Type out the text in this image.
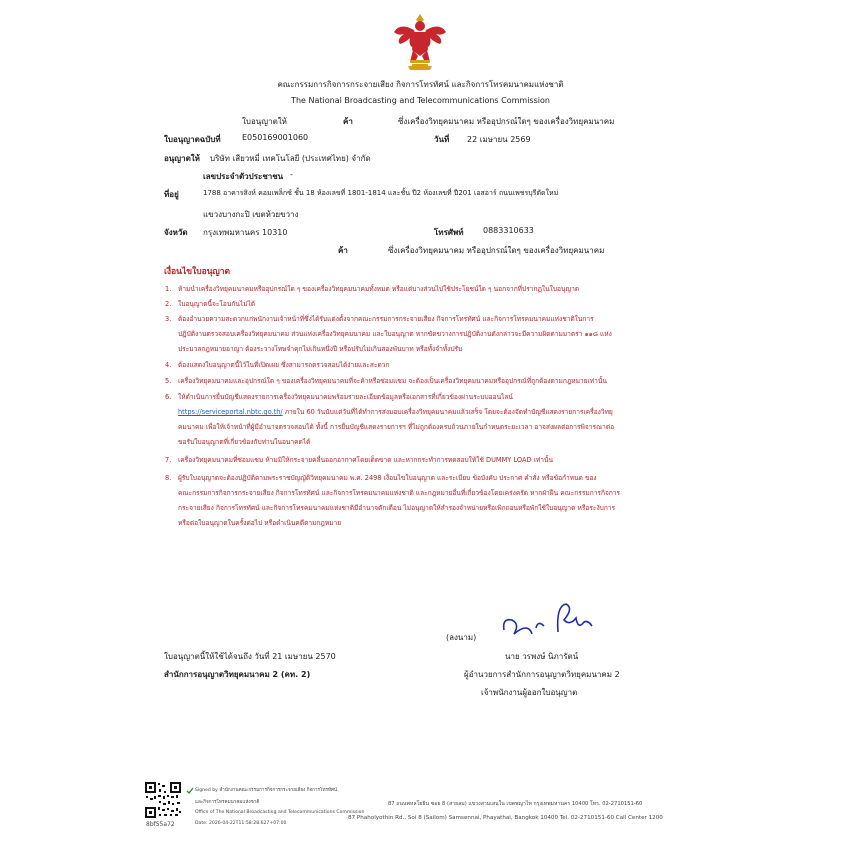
คณะกรรมการกิจการกระจายเสียง กิจการโทรทัศน์ และกิจการโทรคมนาคมแห่งชาติ
The National Broadcasting and Telecommunications Commission
ใบอนุญาตให้	ค้า	ซึ่งเครื่องวิทยุคมนาคม หรืออุปกรณ์ใดๆ ของเครื่องวิทยุคมนาคม
ใบอนุญาตฉบับที่	E050169001060	วันที่ 22 เมษายน 2569
อนุญาตให้ บริษัท เสียวหมี่ เทคโนโลยี (ประเทศไทย) จำกัด
เลขประจำตัวประชาชน -
ที่อยู่	1788 อาคารสิงห์ คอมเพล็กซ์ ชั้น 18 ห้องเลขที่ 1801-1814 และชั้น ปี2 ห้องเลขที่ ปี201 เอสอาร์ ถนนเพชรบุรีตัดใหม่
แขวงบางกะปิ เขตห้วยขวาง
จังหวัด กรุงเทพมหานคร 10310	โทรศัพท์ 0883310633
ค้า	ซึ่งเครื่องวิทยุคมนาคม หรืออุปกรณ์ใดๆ ของเครื่องวิทยุคมนาคม
เงื่อนไขใบอนุญาต
1. ห้ามนำเครื่องวิทยุคมนาคมหรืออุปกรณ์ใด ๆ ของเครื่องวิทยุคมนาคมทั้งหมด หรือแต่บางส่วนไปใช้ประโยชน์ใด ๆ นอกจากที่ปรากฏในใบอนุญาต
2. ใบอนุญาตนี้จะโอนกันไม่ได้
3. ต้องอำนวยความสะดวกแก่พนักงานเจ้าหน้าที่ซึ่งได้รับแต่งตั้งจากคณะกรรมการกระจายเสียง กิจการโทรทัศน์ และกิจการโทรคมนาคมแห่งชาติในการ
ปฏิบัติงานตรวจสอบเครื่องวิทยุคมนาคม ส่วนแห่งเครื่องวิทยุคมนาคม และใบอนุญาต หากขัดขวางการปฏิบัติงานดังกล่าวจะมีความผิดตามมาตรา ๑๑๘ แห่ง
ประมวลกฎหมายอาญา ต้องระวางโทษจำคุกไม่เกินหนึ่งปี หรือปรับไม่เกินสองพันบาท หรือทั้งจำทั้งปรับ
4. ต้องแสดงใบอนุญาตนี้ไว้ในที่เปิดเผย ซึ่งสามารถตรวจสอบได้ง่ายและสะดวก
5. เครื่องวิทยุคมนาคมและอุปกรณ์ใด ๆ ของเครื่องวิทยุคมนาคมที่จะค้าหรือซ่อมแซม จะต้องเป็นเครื่องวิทยุคมนาคมหรืออุปกรณ์ที่ถูกต้องตามกฎหมายเท่านั้น
6. ให้ดำเนินการยื่นบัญชีแสดงรายการเครื่องวิทยุคมนาคมพร้อมรายละเอียดข้อมูลหรือเอกสารที่เกี่ยวข้องผ่านระบบออนไลน์
https://serviceportal.nbtc.go.th/ ภายใน 60 วันนับแต่วันที่ได้ทำการส่งมอบเครื่องวิทยุคมนาคมแล้วเสร็จ โดยจะต้องจัดทำบัญชีแสดงรายการเครื่องวิทยุ
คมนาคม เพื่อให้เจ้าหน้าที่ผู้มีอำนาจตรวจสอบได้ ทั้งนี้ การยื่นบัญชีแสดงรายการฯ ที่ไม่ถูกต้องครบถ้วนภายในกำหนดระยะเวลา อาจส่งผลต่อการพิจารณาต่อ
ขอรับใบอนุญาตที่เกี่ยวข้องกับท่านในอนาคตได้
7. เครื่องวิทยุคมนาคมที่ซ่อมแซม ห้ามมิให้กระจายคลื่นออกอากาศโดยเด็ดขาด และหากกระทำการทดสอบให้ใช้ DUMMY LOAD เท่านั้น
8. ผู้รับใบอนุญาตจะต้องปฏิบัติตามพระราชบัญญัติวิทยุคมนาคม พ.ศ. 2498 เงื่อนไขใบอนุญาต และระเบียบ ข้อบังคับ ประกาศ คำสั่ง หรือข้อกำหนด ของ
คณะกรรมการกิจการกระจายเสียง กิจการโทรทัศน์ และกิจการโทรคมนาคมแห่งชาติ และกฎหมายอื่นที่เกี่ยวข้องโดยเคร่งครัด หากฝ่าฝืน คณะกรรมการกิจการ
กระจายเสียง กิจการโทรทัศน์ และกิจการโทรคมนาคมแห่งชาติมีอำนาจตักเตือน ไม่อนุญาตให้สำรองจำหน่ายหรือเพิกถอนหรือพักใช้ใบอนุญาต หรือระงับการ
หรือต่อใบอนุญาตในครั้งต่อไป หรือดำเนินคดีตามกฎหมาย
ใบอนุญาตนี้ให้ใช้ได้จนถึง วันที่ 21 เมษายน 2570
สำนักการอนุญาตวิทยุคมนาคม 2 (คท. 2)
(ลงนาม)
นาย วรพงษ์ นิภารัตน์
ผู้อำนวยการสำนักการอนุญาตวิทยุคมนาคม 2
เจ้าพนักงานผู้ออกใบอนุญาต
8bf55a72
Signed by สำนักงานคณะกรรมการกิจการกระจายเสียง กิจการโทรทัศน์
และกิจการโทรคมนาคมแห่งชาติ
Office of The National Broadcasting and Telecommunications Commission
Date: 2026-04-22T11:58:28.627+07:00
87 ถนนพหลโยธิน ซอย 8 (สายลม) แขวงสามเสนใน เขตพญาไท กรุงเทพมหานคร 10400 โทร. 02-2710151-60
87 Phaholyothin Rd., Soi 8 (Sailom) Samsennai, Phayathai, Bangkok 10400 Tel. 02-2710151-60 Call Center 1200
